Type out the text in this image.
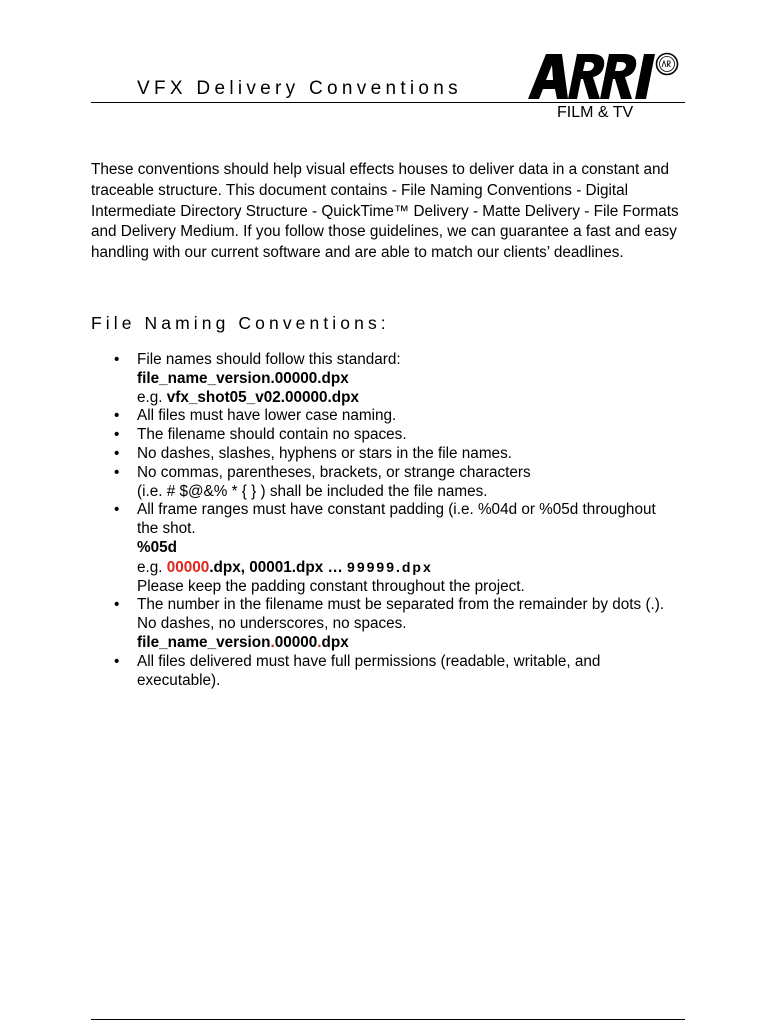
VFX Delivery Conventions
FILM & TV

These conventions should help visual effects houses to deliver data in a constant and traceable structure. This document contains - File Naming Conventions - Digital Intermediate Directory Structure - QuickTime™ Delivery - Matte Delivery - File Formats and Delivery Medium. If you follow those guidelines, we can guarantee a fast and easy handling with our current software and are able to match our clients’ deadlines.

File Naming Conventions:
• File names should follow this standard:
file_name_version.00000.dpx
e.g. vfx_shot05_v02.00000.dpx
• All files must have lower case naming.
• The filename should contain no spaces.
• No dashes, slashes, hyphens or stars in the file names.
• No commas, parentheses, brackets, or strange characters
(i.e. # $@&% * { } ) shall be included the file names.
• All frame ranges must have constant padding (i.e. %04d or %05d throughout the shot.
%05d
e.g. 00000.dpx, 00001.dpx … 99999.dpx
Please keep the padding constant throughout the project.
• The number in the filename must be separated from the remainder by dots (.). No dashes, no underscores, no spaces.
file_name_version.00000.dpx
• All files delivered must have full permissions (readable, writable, and executable).
